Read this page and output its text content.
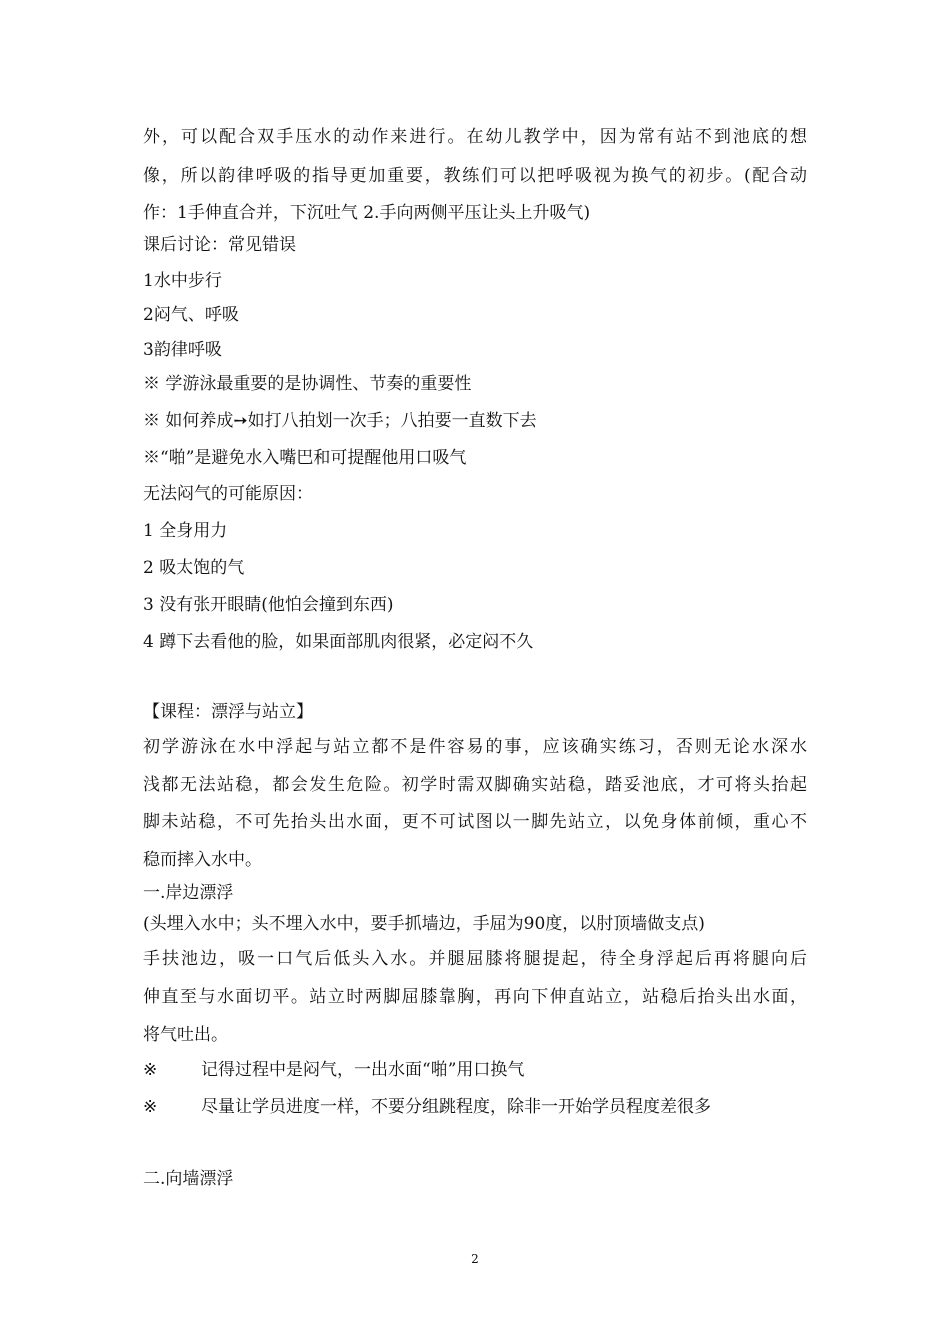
外，可以配合双手压水的动作来进行。在幼儿教学中，因为常有站不到池底的想
像，所以韵律呼吸的指导更加重要，教练们可以把呼吸视为换气的初步。(配合动
作：1手伸直合并，下沉吐气 2.手向两侧平压让头上升吸气)
课后讨论：常见错误
1水中步行
2闷气、呼吸
3韵律呼吸
※ 学游泳最重要的是协调性、节奏的重要性
※ 如何养成➙如打八拍划一次手；八拍要一直数下去
※“啪”是避免水入嘴巴和可提醒他用口吸气
无法闷气的可能原因：
1 全身用力
2 吸太饱的气
3 没有张开眼睛(他怕会撞到东西)
4 蹲下去看他的脸，如果面部肌肉很紧，必定闷不久
【课程：漂浮与站立】
初学游泳在水中浮起与站立都不是件容易的事，应该确实练习，否则无论水深水
浅都无法站稳，都会发生危险。初学时需双脚确实站稳，踏妥池底，才可将头抬起
脚未站稳，不可先抬头出水面，更不可试图以一脚先站立，以免身体前倾，重心不
稳而摔入水中。
一.岸边漂浮
(头埋入水中；头不埋入水中，要手抓墙边，手屈为90度，以肘顶墙做支点)
手扶池边，吸一口气后低头入水。并腿屈膝将腿提起，待全身浮起后再将腿向后
伸直至与水面切平。站立时两脚屈膝靠胸，再向下伸直站立，站稳后抬头出水面，
将气吐出。
※	记得过程中是闷气，一出水面“啪”用口换气
※	尽量让学员进度一样，不要分组跳程度，除非一开始学员程度差很多
二.向墙漂浮
2
